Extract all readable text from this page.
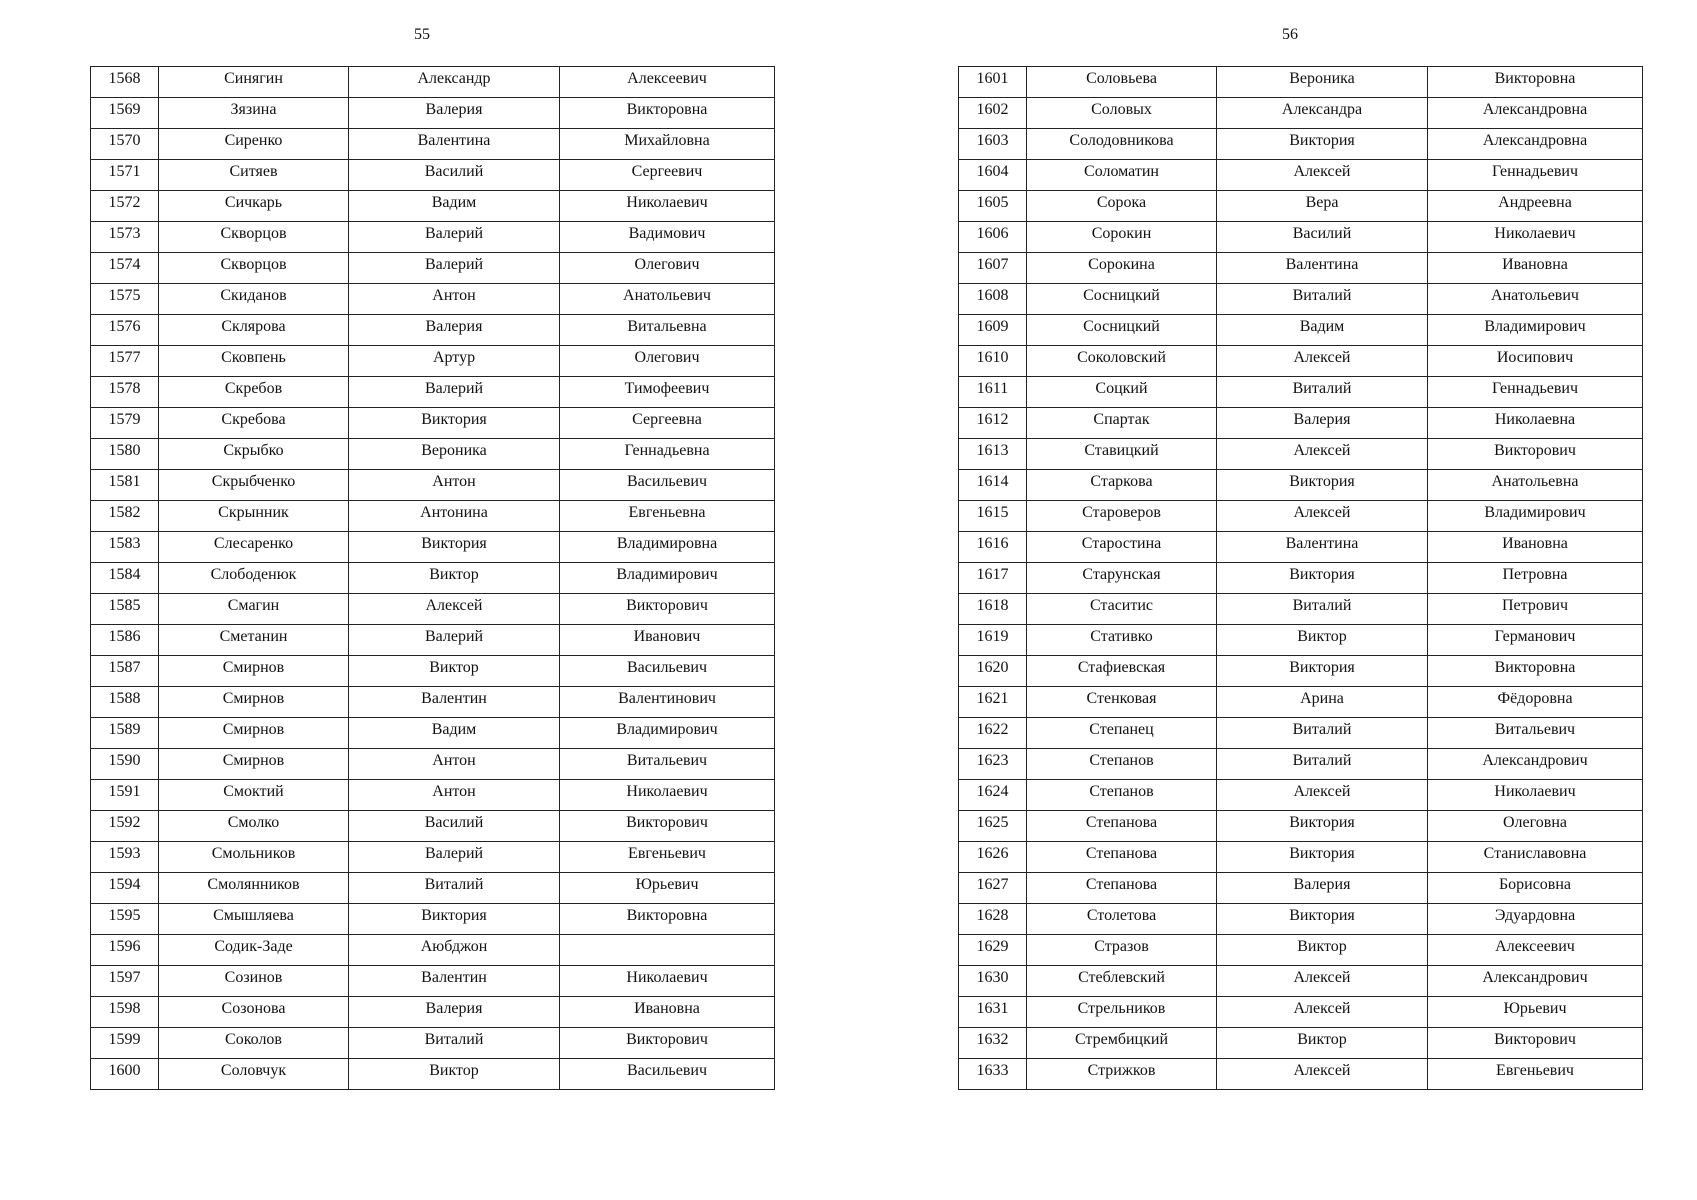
55
1568	Синягин	Александр	Алексеевич
1569	Зязина	Валерия	Викторовна
1570	Сиренко	Валентина	Михайловна
1571	Ситяев	Василий	Сергеевич
1572	Сичкарь	Вадим	Николаевич
1573	Скворцов	Валерий	Вадимович
1574	Скворцов	Валерий	Олегович
1575	Скиданов	Антон	Анатольевич
1576	Склярова	Валерия	Витальевна
1577	Сковпень	Артур	Олегович
1578	Скребов	Валерий	Тимофеевич
1579	Скребова	Виктория	Сергеевна
1580	Скрыбко	Вероника	Геннадьевна
1581	Скрыбченко	Антон	Васильевич
1582	Скрынник	Антонина	Евгеньевна
1583	Слесаренко	Виктория	Владимировна
1584	Слободенюк	Виктор	Владимирович
1585	Смагин	Алексей	Викторович
1586	Сметанин	Валерий	Иванович
1587	Смирнов	Виктор	Васильевич
1588	Смирнов	Валентин	Валентинович
1589	Смирнов	Вадим	Владимирович
1590	Смирнов	Антон	Витальевич
1591	Смоктий	Антон	Николаевич
1592	Смолко	Василий	Викторович
1593	Смольников	Валерий	Евгеньевич
1594	Смолянников	Виталий	Юрьевич
1595	Смышляева	Виктория	Викторовна
1596	Содик-Заде	Аюбджон	
1597	Созинов	Валентин	Николаевич
1598	Созонова	Валерия	Ивановна
1599	Соколов	Виталий	Викторович
1600	Соловчук	Виктор	Васильевич
56
1601	Соловьева	Вероника	Викторовна
1602	Соловых	Александра	Александровна
1603	Солодовникова	Виктория	Александровна
1604	Соломатин	Алексей	Геннадьевич
1605	Сорока	Вера	Андреевна
1606	Сорокин	Василий	Николаевич
1607	Сорокина	Валентина	Ивановна
1608	Сосницкий	Виталий	Анатольевич
1609	Сосницкий	Вадим	Владимирович
1610	Соколовский	Алексей	Иосипович
1611	Соцкий	Виталий	Геннадьевич
1612	Спартак	Валерия	Николаевна
1613	Ставицкий	Алексей	Викторович
1614	Старкова	Виктория	Анатольевна
1615	Староверов	Алексей	Владимирович
1616	Старостина	Валентина	Ивановна
1617	Старунская	Виктория	Петровна
1618	Стаситис	Виталий	Петрович
1619	Стативко	Виктор	Германович
1620	Стафиевская	Виктория	Викторовна
1621	Стенковая	Арина	Фёдоровна
1622	Степанец	Виталий	Витальевич
1623	Степанов	Виталий	Александрович
1624	Степанов	Алексей	Николаевич
1625	Степанова	Виктория	Олеговна
1626	Степанова	Виктория	Станиславовна
1627	Степанова	Валерия	Борисовна
1628	Столетова	Виктория	Эдуардовна
1629	Стразов	Виктор	Алексеевич
1630	Стеблевский	Алексей	Александрович
1631	Стрельников	Алексей	Юрьевич
1632	Стрембицкий	Виктор	Викторович
1633	Стрижков	Алексей	Евгеньевич
